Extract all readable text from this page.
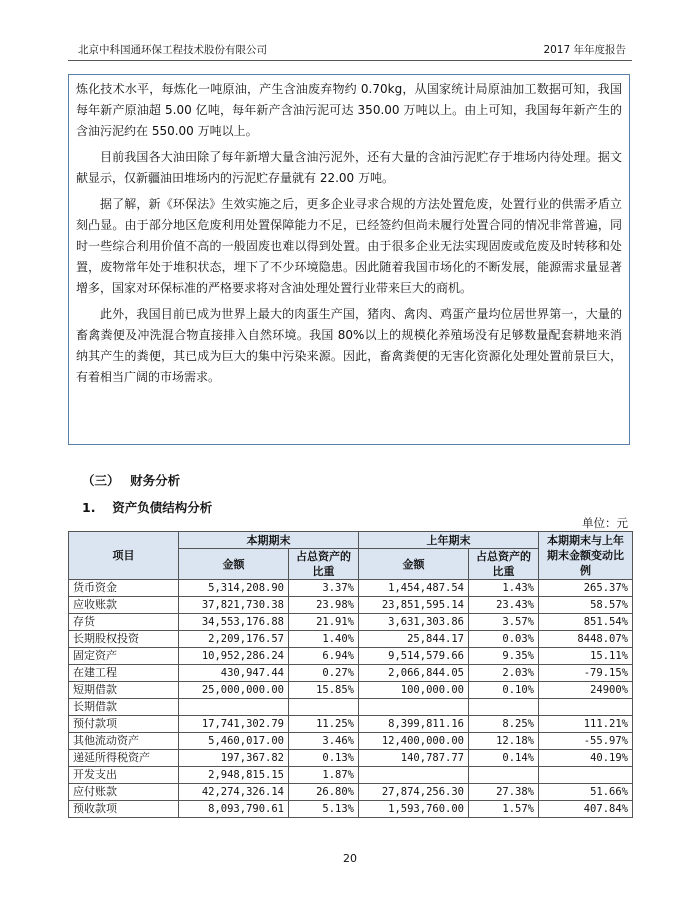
北京中科国通环保工程技术股份有限公司	2017 年年度报告

炼化技术水平，每炼化一吨原油，产生含油废弃物约 0.70kg，从国家统计局原油加工数据可知，我国每年新产原油超 5.00 亿吨，每年新产含油污泥可达 350.00 万吨以上。由上可知，我国每年新产生的含油污泥约在 550.00 万吨以上。

目前我国各大油田除了每年新增大量含油污泥外，还有大量的含油污泥贮存于堆场内待处理。据文献显示，仅新疆油田堆场内的污泥贮存量就有 22.00 万吨。

据了解，新《环保法》生效实施之后，更多企业寻求合规的方法处置危废，处置行业的供需矛盾立刻凸显。由于部分地区危废利用处置保障能力不足，已经签约但尚未履行处置合同的情况非常普遍，同时一些综合利用价值不高的一般固废也难以得到处置。由于很多企业无法实现固废或危废及时转移和处置，废物常年处于堆积状态，埋下了不少环境隐患。因此随着我国市场化的不断发展，能源需求量显著增多，国家对环保标准的严格要求将对含油处理处置行业带来巨大的商机。

此外，我国目前已成为世界上最大的肉蛋生产国，猪肉、禽肉、鸡蛋产量均位居世界第一，大量的畜禽粪便及冲洗混合物直接排入自然环境。我国 80%以上的规模化养殖场没有足够数量配套耕地来消纳其产生的粪便，其已成为巨大的集中污染来源。因此，畜禽粪便的无害化资源化处理处置前景巨大，有着相当广阔的市场需求。

（三）　 财务分析
1.　 资产负债结构分析
单位：元
项目	本期期末		上年期末		本期期末与上年期末金额变动比例
	金额	占总资产的比重	金额	占总资产的比重	
货币资金	5,314,208.90	3.37%	1,454,487.54	1.43%	265.37%
应收账款	37,821,730.38	23.98%	23,851,595.14	23.43%	58.57%
存货	34,553,176.88	21.91%	3,631,303.86	3.57%	851.54%
长期股权投资	2,209,176.57	1.40%	25,844.17	0.03%	8448.07%
固定资产	10,952,286.24	6.94%	9,514,579.66	9.35%	15.11%
在建工程	430,947.44	0.27%	2,066,844.05	2.03%	-79.15%
短期借款	25,000,000.00	15.85%	100,000.00	0.10%	24900%
长期借款					
预付款项	17,741,302.79	11.25%	8,399,811.16	8.25%	111.21%
其他流动资产	5,460,017.00	3.46%	12,400,000.00	12.18%	-55.97%
递延所得税资产	197,367.82	0.13%	140,787.77	0.14%	40.19%
开发支出	2,948,815.15	1.87%			
应付账款	42,274,326.14	26.80%	27,874,256.30	27.38%	51.66%
预收款项	8,093,790.61	5.13%	1,593,760.00	1.57%	407.84%
20
